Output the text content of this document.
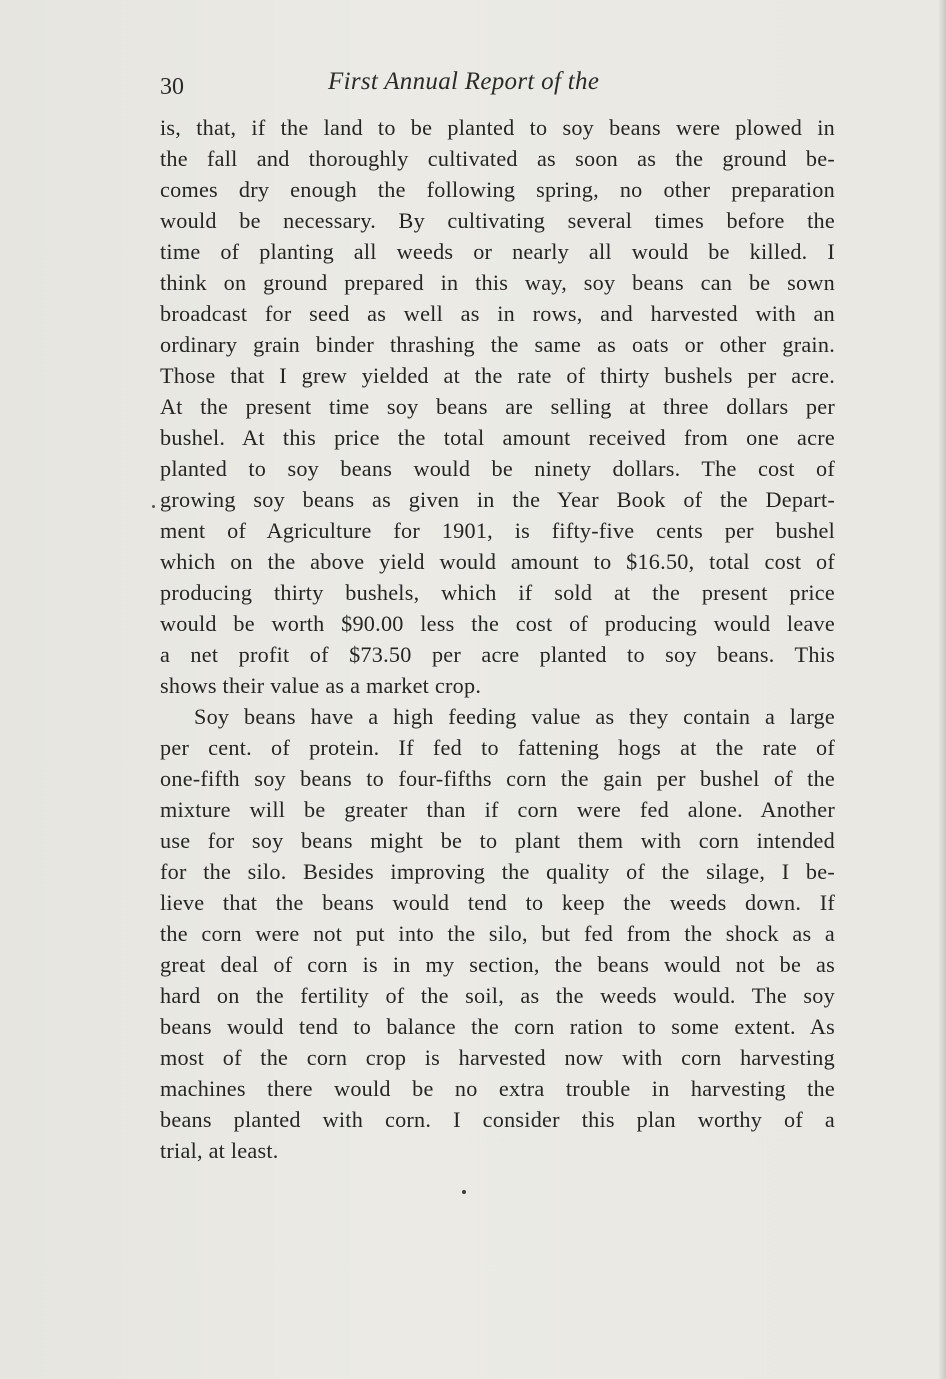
30	First Annual Report of the
is, that, if the land to be planted to soy beans were plowed in
the fall and thoroughly cultivated as soon as the ground be-
comes dry enough the following spring, no other preparation
would be necessary. By cultivating several times before the
time of planting all weeds or nearly all would be killed. I
think on ground prepared in this way, soy beans can be sown
broadcast for seed as well as in rows, and harvested with an
ordinary grain binder thrashing the same as oats or other grain.
Those that I grew yielded at the rate of thirty bushels per acre.
At the present time soy beans are selling at three dollars per
bushel. At this price the total amount received from one acre
planted to soy beans would be ninety dollars. The cost of
growing soy beans as given in the Year Book of the Depart-
ment of Agriculture for 1901, is fifty-five cents per bushel
which on the above yield would amount to $16.50, total cost of
producing thirty bushels, which if sold at the present price
would be worth $90.00 less the cost of producing would leave
a net profit of $73.50 per acre planted to soy beans. This
shows their value as a market crop.
Soy beans have a high feeding value as they contain a large
per cent. of protein. If fed to fattening hogs at the rate of
one-fifth soy beans to four-fifths corn the gain per bushel of the
mixture will be greater than if corn were fed alone. Another
use for soy beans might be to plant them with corn intended
for the silo. Besides improving the quality of the silage, I be-
lieve that the beans would tend to keep the weeds down. If
the corn were not put into the silo, but fed from the shock as a
great deal of corn is in my section, the beans would not be as
hard on the fertility of the soil, as the weeds would. The soy
beans would tend to balance the corn ration to some extent. As
most of the corn crop is harvested now with corn harvesting
machines there would be no extra trouble in harvesting the
beans planted with corn. I consider this plan worthy of a
trial, at least.
